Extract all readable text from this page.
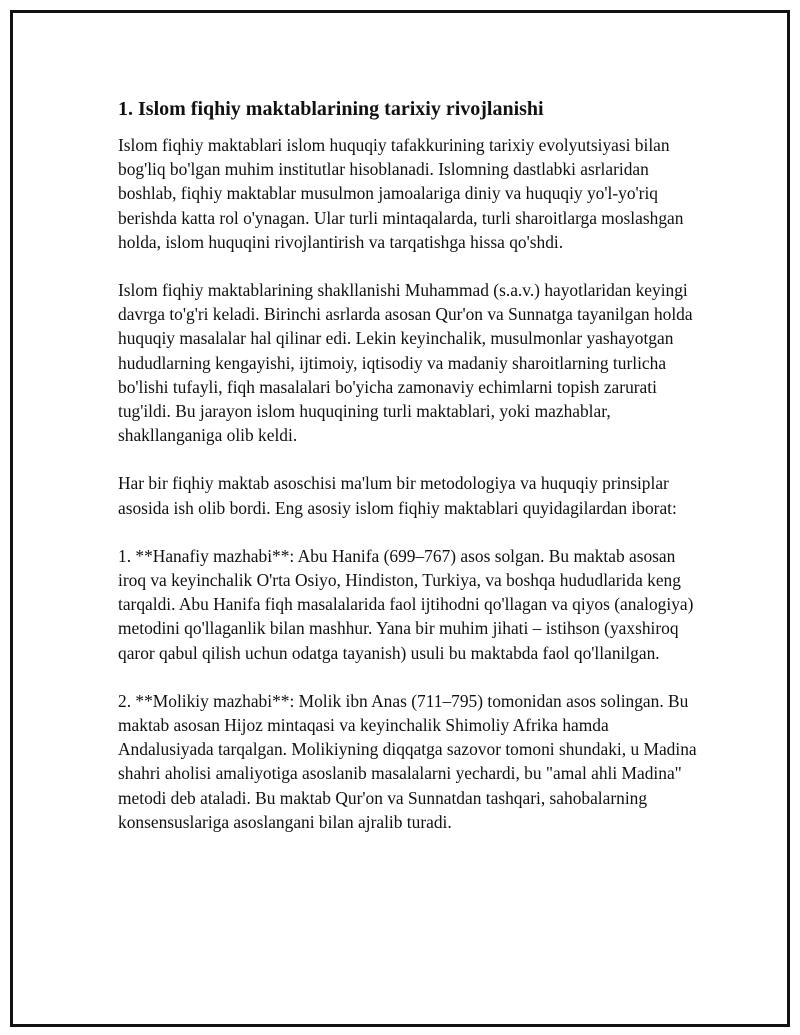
1. Islom fiqhiy maktablarining tarixiy rivojlanishi

Islom fiqhiy maktablari islom huquqiy tafakkurining tarixiy evolyutsiyasi bilan bog'liq bo'lgan muhim institutlar hisoblanadi. Islomning dastlabki asrlaridan boshlab, fiqhiy maktablar musulmon jamoalariga diniy va huquqiy yo'l-yo'riq berishda katta rol o'ynagan. Ular turli mintaqalarda, turli sharoitlarga moslashgan holda, islom huquqini rivojlantirish va tarqatishga hissa qo'shdi.

Islom fiqhiy maktablarining shakllanishi Muhammad (s.a.v.) hayotlaridan keyingi davrga to'g'ri keladi. Birinchi asrlarda asosan Qur'on va Sunnatga tayanilgan holda huquqiy masalalar hal qilinar edi. Lekin keyinchalik, musulmonlar yashayotgan hududlarning kengayishi, ijtimoiy, iqtisodiy va madaniy sharoitlarning turlicha bo'lishi tufayli, fiqh masalalari bo'yicha zamonaviy echimlarni topish zarurati tug'ildi. Bu jarayon islom huquqining turli maktablari, yoki mazhablar, shakllanganiga olib keldi.

Har bir fiqhiy maktab asoschisi ma'lum bir metodologiya va huquqiy prinsiplar asosida ish olib bordi. Eng asosiy islom fiqhiy maktablari quyidagilardan iborat:

1. **Hanafiy mazhabi**: Abu Hanifa (699–767) asos solgan. Bu maktab asosan iroq va keyinchalik O'rta Osiyo, Hindiston, Turkiya, va boshqa hududlarida keng tarqaldi. Abu Hanifa fiqh masalalarida faol ijtihodni qo'llagan va qiyos (analogiya) metodini qo'llaganlik bilan mashhur. Yana bir muhim jihati – istihson (yaxshiroq qaror qabul qilish uchun odatga tayanish) usuli bu maktabda faol qo'llanilgan.

2. **Molikiy mazhabi**: Molik ibn Anas (711–795) tomonidan asos solingan. Bu maktab asosan Hijoz mintaqasi va keyinchalik Shimoliy Afrika hamda Andalusiyada tarqalgan. Molikiyning diqqatga sazovor tomoni shundaki, u Madina shahri aholisi amaliyotiga asoslanib masalalarni yechardi, bu "amal ahli Madina" metodi deb ataladi. Bu maktab Qur'on va Sunnatdan tashqari, sahobalarning konsensuslariga asoslangani bilan ajralib turadi.
